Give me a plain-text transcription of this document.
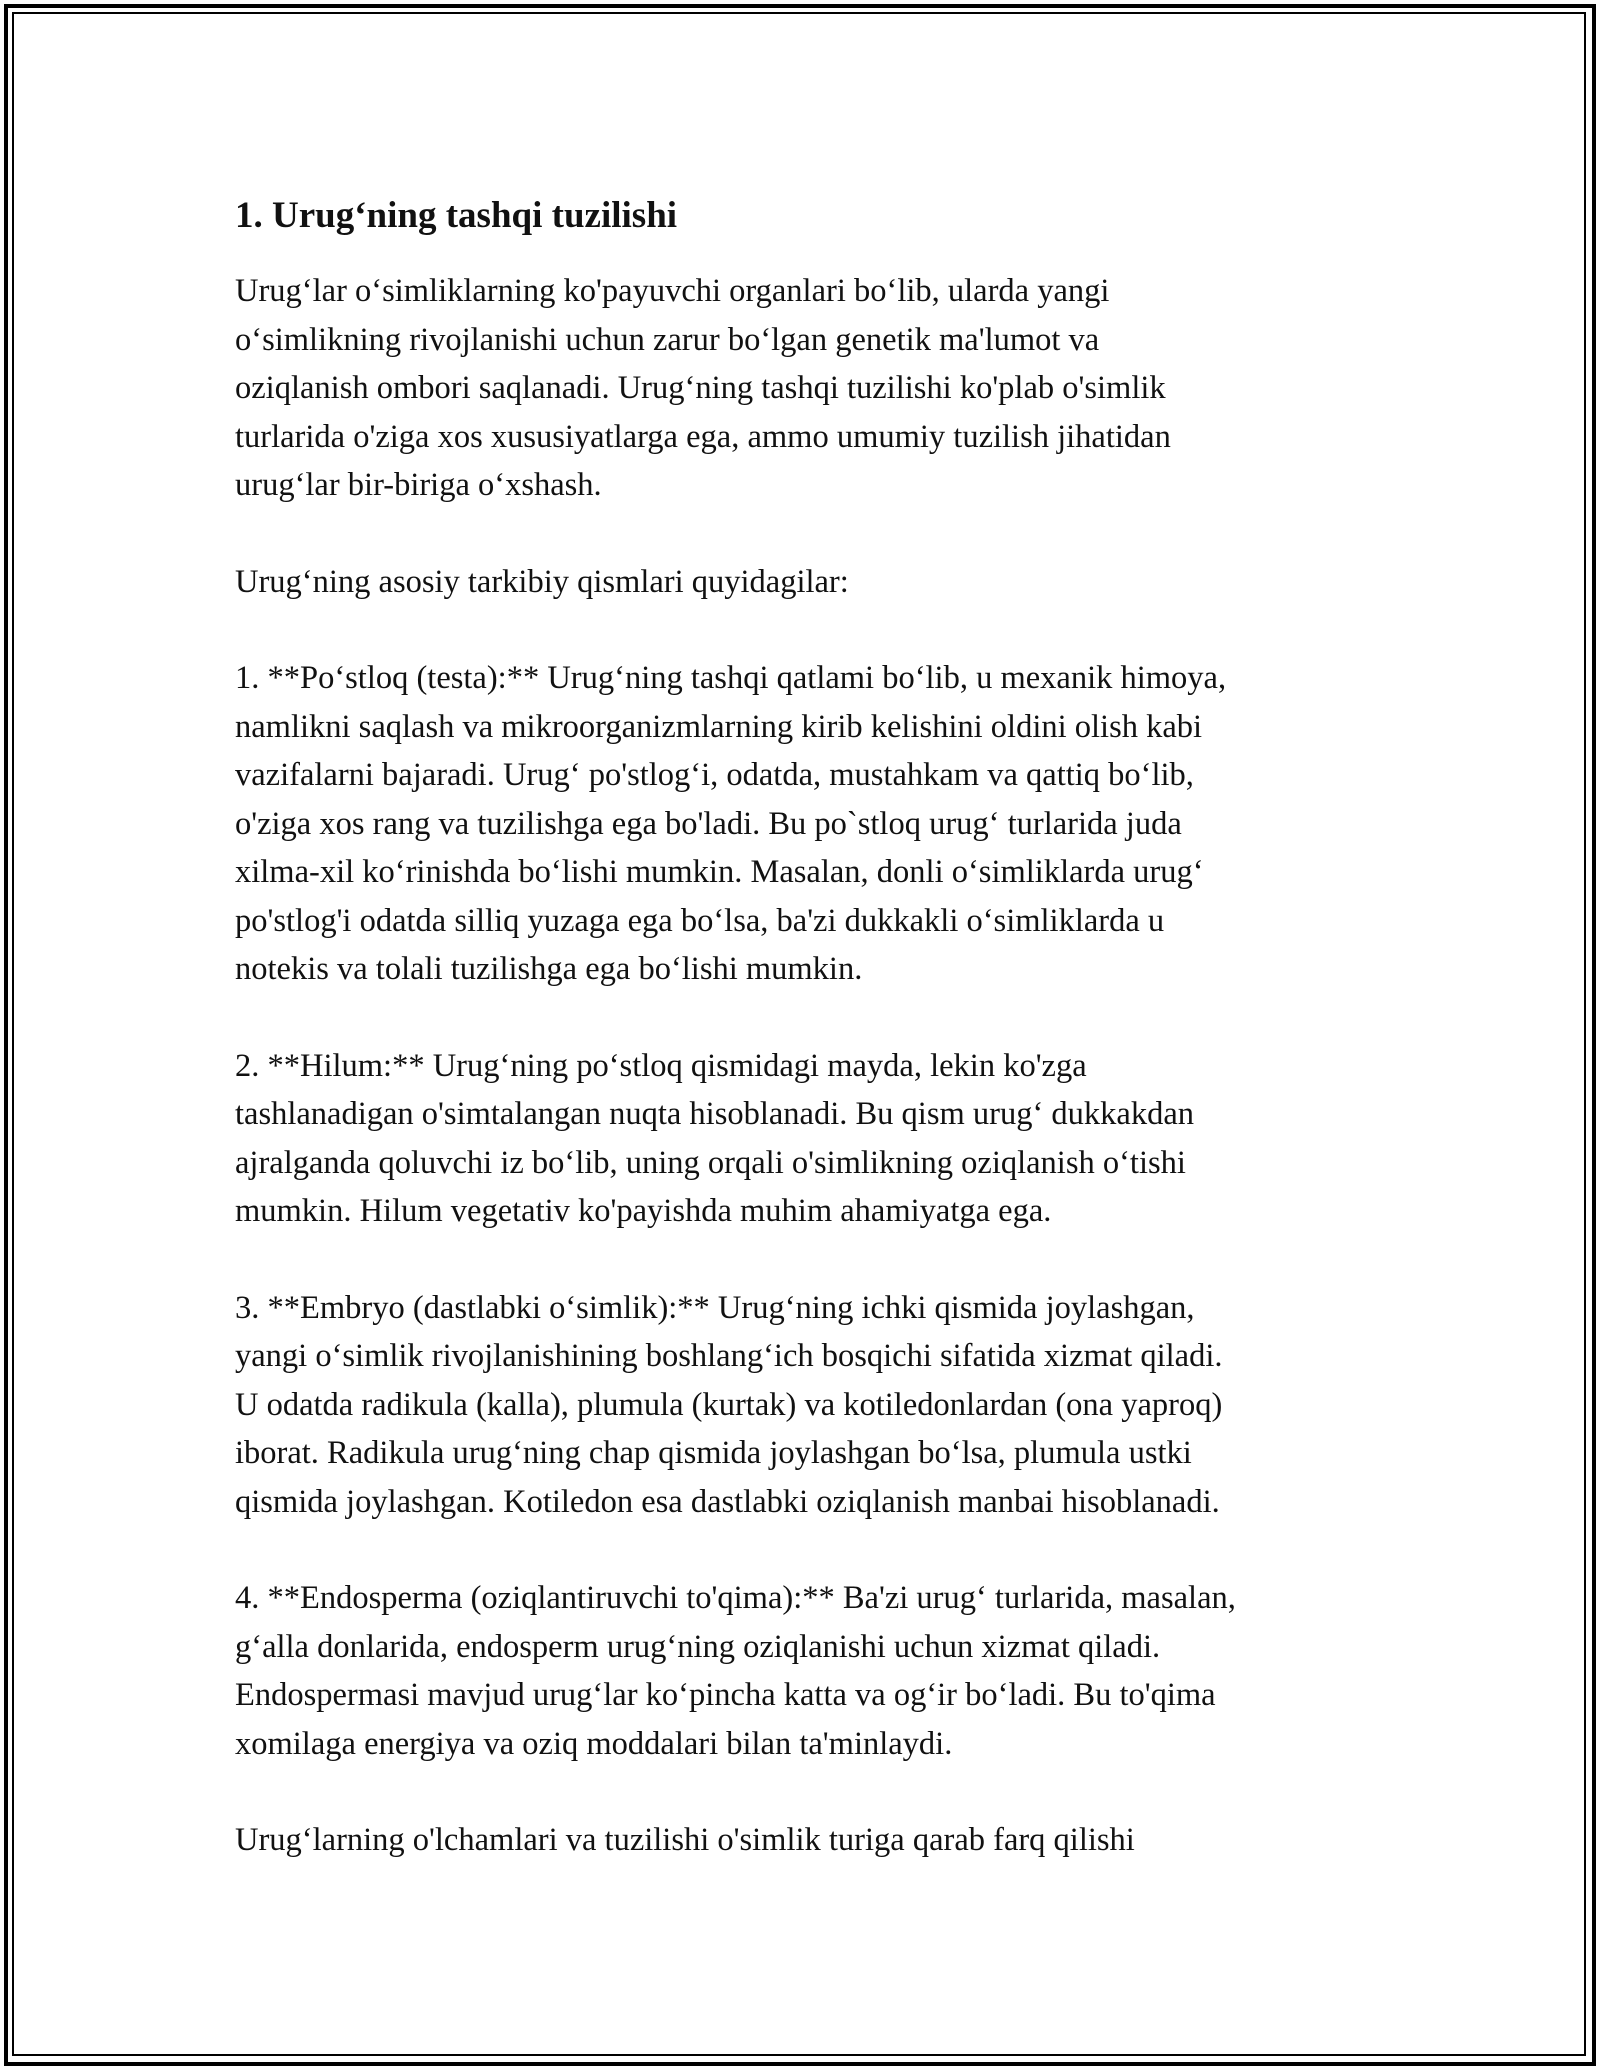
1. Urug‘ning tashqi tuzilishi

Urug‘lar o‘simliklarning ko'payuvchi organlari bo‘lib, ularda yangi
o‘simlikning rivojlanishi uchun zarur bo‘lgan genetik ma'lumot va
oziqlanish ombori saqlanadi. Urug‘ning tashqi tuzilishi ko'plab o'simlik
turlarida o'ziga xos xususiyatlarga ega, ammo umumiy tuzilish jihatidan
urug‘lar bir-biriga o‘xshash.

Urug‘ning asosiy tarkibiy qismlari quyidagilar:

1. **Po‘stloq (testa):** Urug‘ning tashqi qatlami bo‘lib, u mexanik himoya,
namlikni saqlash va mikroorganizmlarning kirib kelishini oldini olish kabi
vazifalarni bajaradi. Urug‘ po'stlog‘i, odatda, mustahkam va qattiq bo‘lib,
o'ziga xos rang va tuzilishga ega bo'ladi. Bu po`stloq urug‘ turlarida juda
xilma-xil ko‘rinishda bo‘lishi mumkin. Masalan, donli o‘simliklarda urug‘
po'stlog'i odatda silliq yuzaga ega bo‘lsa, ba'zi dukkakli o‘simliklarda u
notekis va tolali tuzilishga ega bo‘lishi mumkin.

2. **Hilum:** Urug‘ning po‘stloq qismidagi mayda, lekin ko'zga
tashlanadigan o'simtalangan nuqta hisoblanadi. Bu qism urug‘ dukkakdan
ajralganda qoluvchi iz bo‘lib, uning orqali o'simlikning oziqlanish o‘tishi
mumkin. Hilum vegetativ ko'payishda muhim ahamiyatga ega.

3. **Embryo (dastlabki o‘simlik):** Urug‘ning ichki qismida joylashgan,
yangi o‘simlik rivojlanishining boshlang‘ich bosqichi sifatida xizmat qiladi.
U odatda radikula (kalla), plumula (kurtak) va kotiledonlardan (ona yaproq)
iborat. Radikula urug‘ning chap qismida joylashgan bo‘lsa, plumula ustki
qismida joylashgan. Kotiledon esa dastlabki oziqlanish manbai hisoblanadi.

4. **Endosperma (oziqlantiruvchi to'qima):** Ba'zi urug‘ turlarida, masalan,
g‘alla donlarida, endosperm urug‘ning oziqlanishi uchun xizmat qiladi.
Endospermasi mavjud urug‘lar ko‘pincha katta va og‘ir bo‘ladi. Bu to'qima
xomilaga energiya va oziq moddalari bilan ta'minlaydi.

Urug‘larning o'lchamlari va tuzilishi o'simlik turiga qarab farq qilishi
